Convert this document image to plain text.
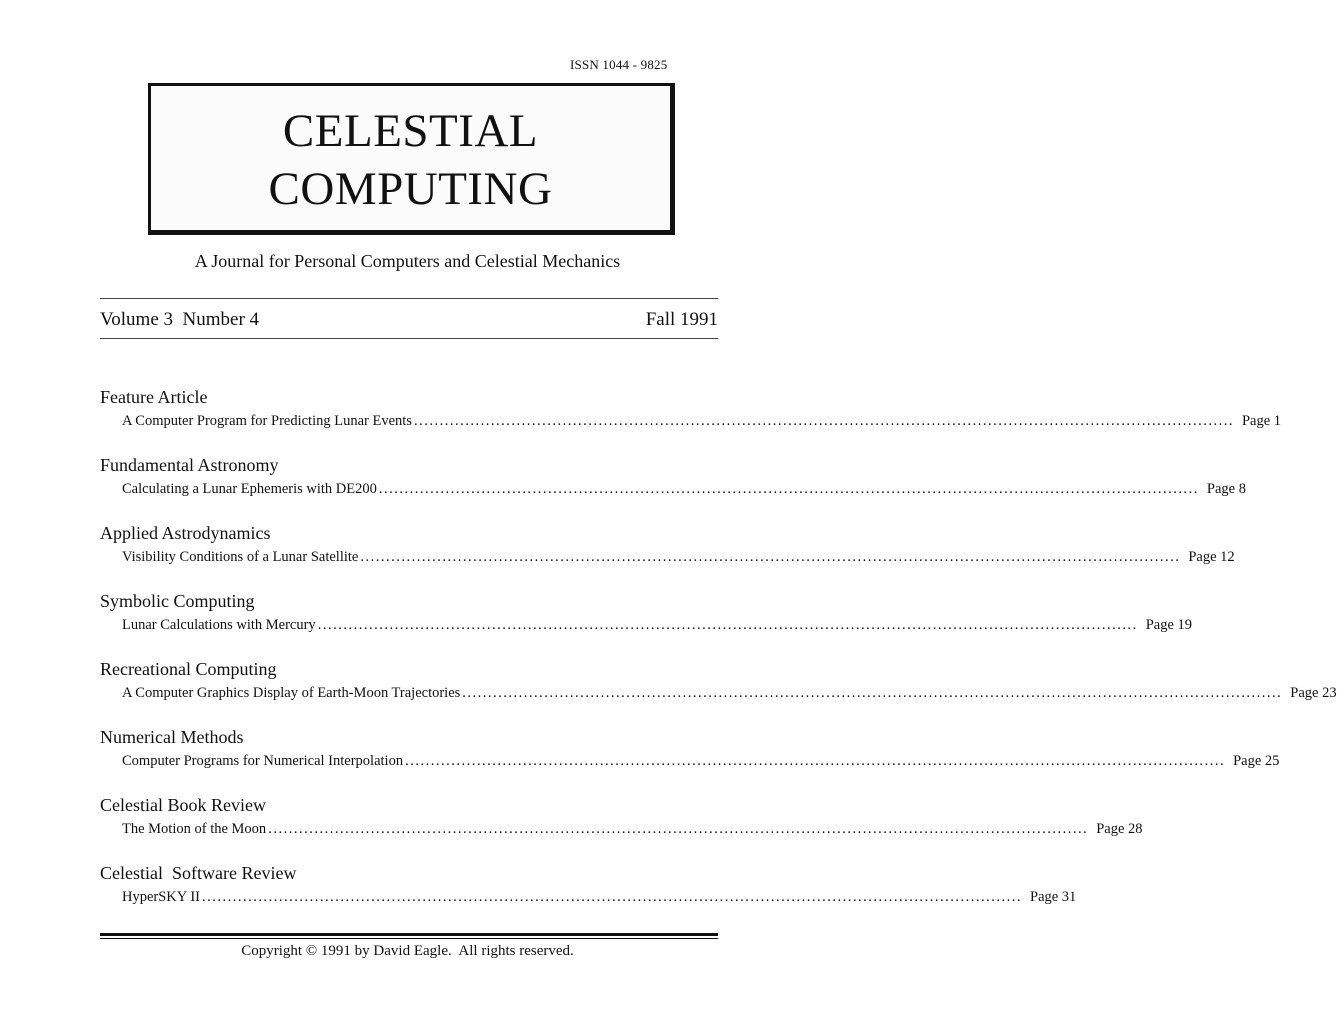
ISSN 1044 - 9825
CELESTIAL
COMPUTING
A Journal for Personal Computers and Celestial Mechanics
Volume 3  Number 4	Fall 1991
Feature Article
A Computer Program for Predicting Lunar Events ................................................................................................................................................................ Page 1
Fundamental Astronomy
Calculating a Lunar Ephemeris with DE200 ................................................................................................................................................................ Page 8
Applied Astrodynamics
Visibility Conditions of a Lunar Satellite ................................................................................................................................................................ Page 12
Symbolic Computing
Lunar Calculations with Mercury ................................................................................................................................................................ Page 19
Recreational Computing
A Computer Graphics Display of Earth-Moon Trajectories ................................................................................................................................................................ Page 23
Numerical Methods
Computer Programs for Numerical Interpolation ................................................................................................................................................................ Page 25
Celestial Book Review
The Motion of the Moon ................................................................................................................................................................ Page 28
Celestial  Software Review
HyperSKY II ................................................................................................................................................................ Page 31
Copyright © 1991 by David Eagle.  All rights reserved.
